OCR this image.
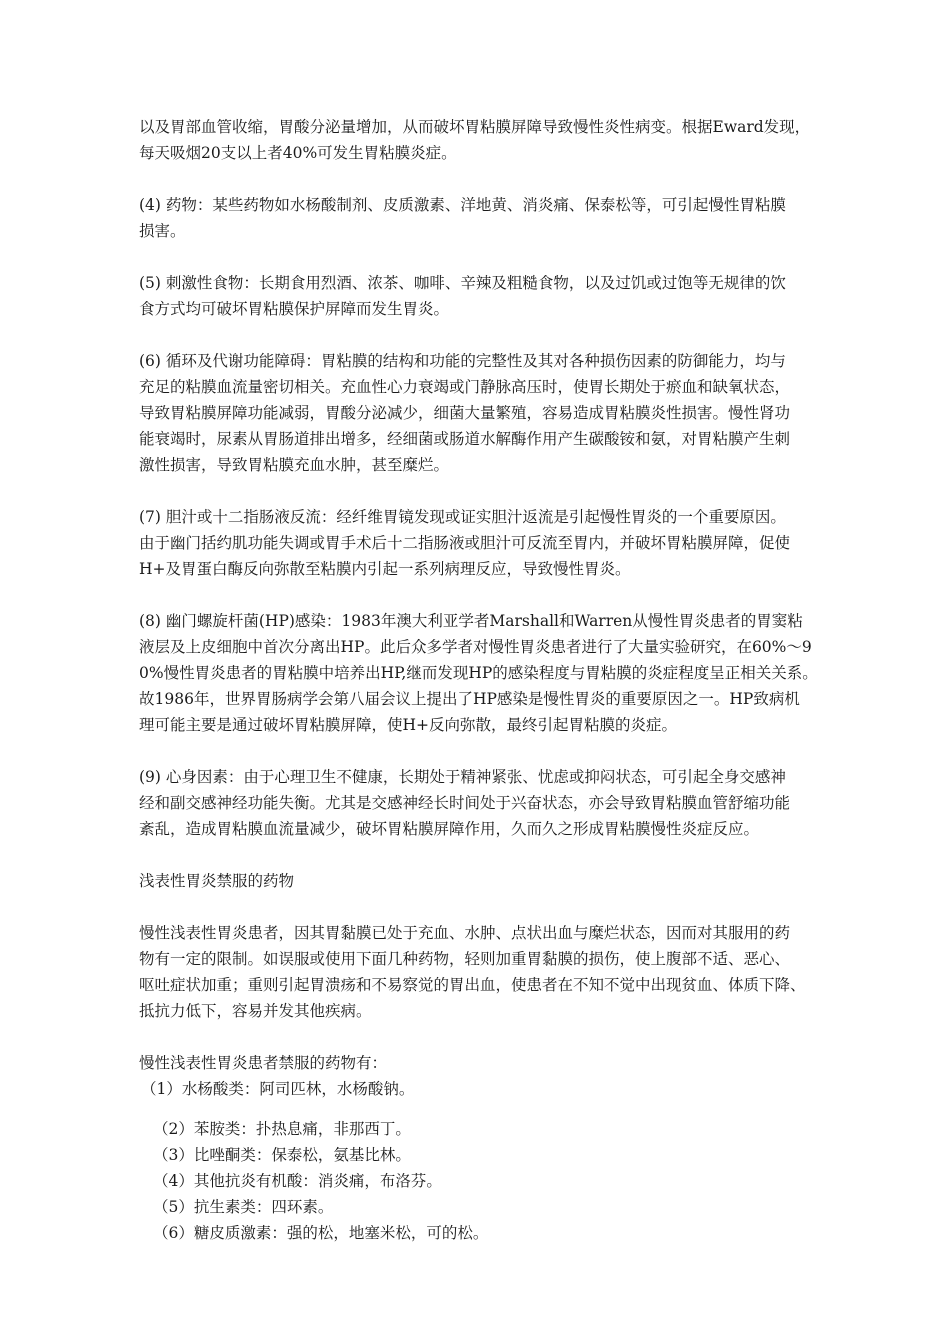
以及胃部血管收缩，胃酸分泌量增加，从而破坏胃粘膜屏障导致慢性炎性病变。根据Eward发现，
每天吸烟20支以上者40%可发生胃粘膜炎症。
(4) 药物：某些药物如水杨酸制剂、皮质激素、洋地黄、消炎痛、保泰松等，可引起慢性胃粘膜
损害。
(5) 刺激性食物：长期食用烈酒、浓茶、咖啡、辛辣及粗糙食物，以及过饥或过饱等无规律的饮
食方式均可破坏胃粘膜保护屏障而发生胃炎。
(6) 循环及代谢功能障碍：胃粘膜的结构和功能的完整性及其对各种损伤因素的防御能力，均与
充足的粘膜血流量密切相关。充血性心力衰竭或门静脉高压时，使胃长期处于瘀血和缺氧状态，
导致胃粘膜屏障功能减弱，胃酸分泌减少，细菌大量繁殖，容易造成胃粘膜炎性损害。慢性肾功
能衰竭时，尿素从胃肠道排出增多，经细菌或肠道水解酶作用产生碳酸铵和氨，对胃粘膜产生刺
激性损害，导致胃粘膜充血水肿，甚至糜烂。
(7) 胆汁或十二指肠液反流：经纤维胃镜发现或证实胆汁返流是引起慢性胃炎的一个重要原因。
由于幽门括约肌功能失调或胃手术后十二指肠液或胆汁可反流至胃内，并破坏胃粘膜屏障，促使
H+及胃蛋白酶反向弥散至粘膜内引起一系列病理反应，导致慢性胃炎。
(8) 幽门螺旋杆菌(HP)感染：1983年澳大利亚学者Marshall和Warren从慢性胃炎患者的胃窦粘
液层及上皮细胞中首次分离出HP。此后众多学者对慢性胃炎患者进行了大量实验研究，在60%～9
0%慢性胃炎患者的胃粘膜中培养出HP,继而发现HP的感染程度与胃粘膜的炎症程度呈正相关关系。
故1986年，世界胃肠病学会第八届会议上提出了HP感染是慢性胃炎的重要原因之一。HP致病机
理可能主要是通过破坏胃粘膜屏障，使H+反向弥散，最终引起胃粘膜的炎症。
(9) 心身因素：由于心理卫生不健康，长期处于精神紧张、忧虑或抑闷状态，可引起全身交感神
经和副交感神经功能失衡。尤其是交感神经长时间处于兴奋状态，亦会导致胃粘膜血管舒缩功能
紊乱，造成胃粘膜血流量减少，破坏胃粘膜屏障作用，久而久之形成胃粘膜慢性炎症反应。
浅表性胃炎禁服的药物
慢性浅表性胃炎患者，因其胃黏膜已处于充血、水肿、点状出血与糜烂状态，因而对其服用的药
物有一定的限制。如误服或使用下面几种药物，轻则加重胃黏膜的损伤，使上腹部不适、恶心、
呕吐症状加重；重则引起胃溃疡和不易察觉的胃出血，使患者在不知不觉中出现贫血、体质下降、
抵抗力低下，容易并发其他疾病。
慢性浅表性胃炎患者禁服的药物有：
（1）水杨酸类：阿司匹林，水杨酸钠。
（2）苯胺类：扑热息痛，非那西丁。
（3）比唑酮类：保泰松，氨基比林。
（4）其他抗炎有机酸：消炎痛，布洛芬。
（5）抗生素类：四环素。
（6）糖皮质激素：强的松，地塞米松，可的松。
